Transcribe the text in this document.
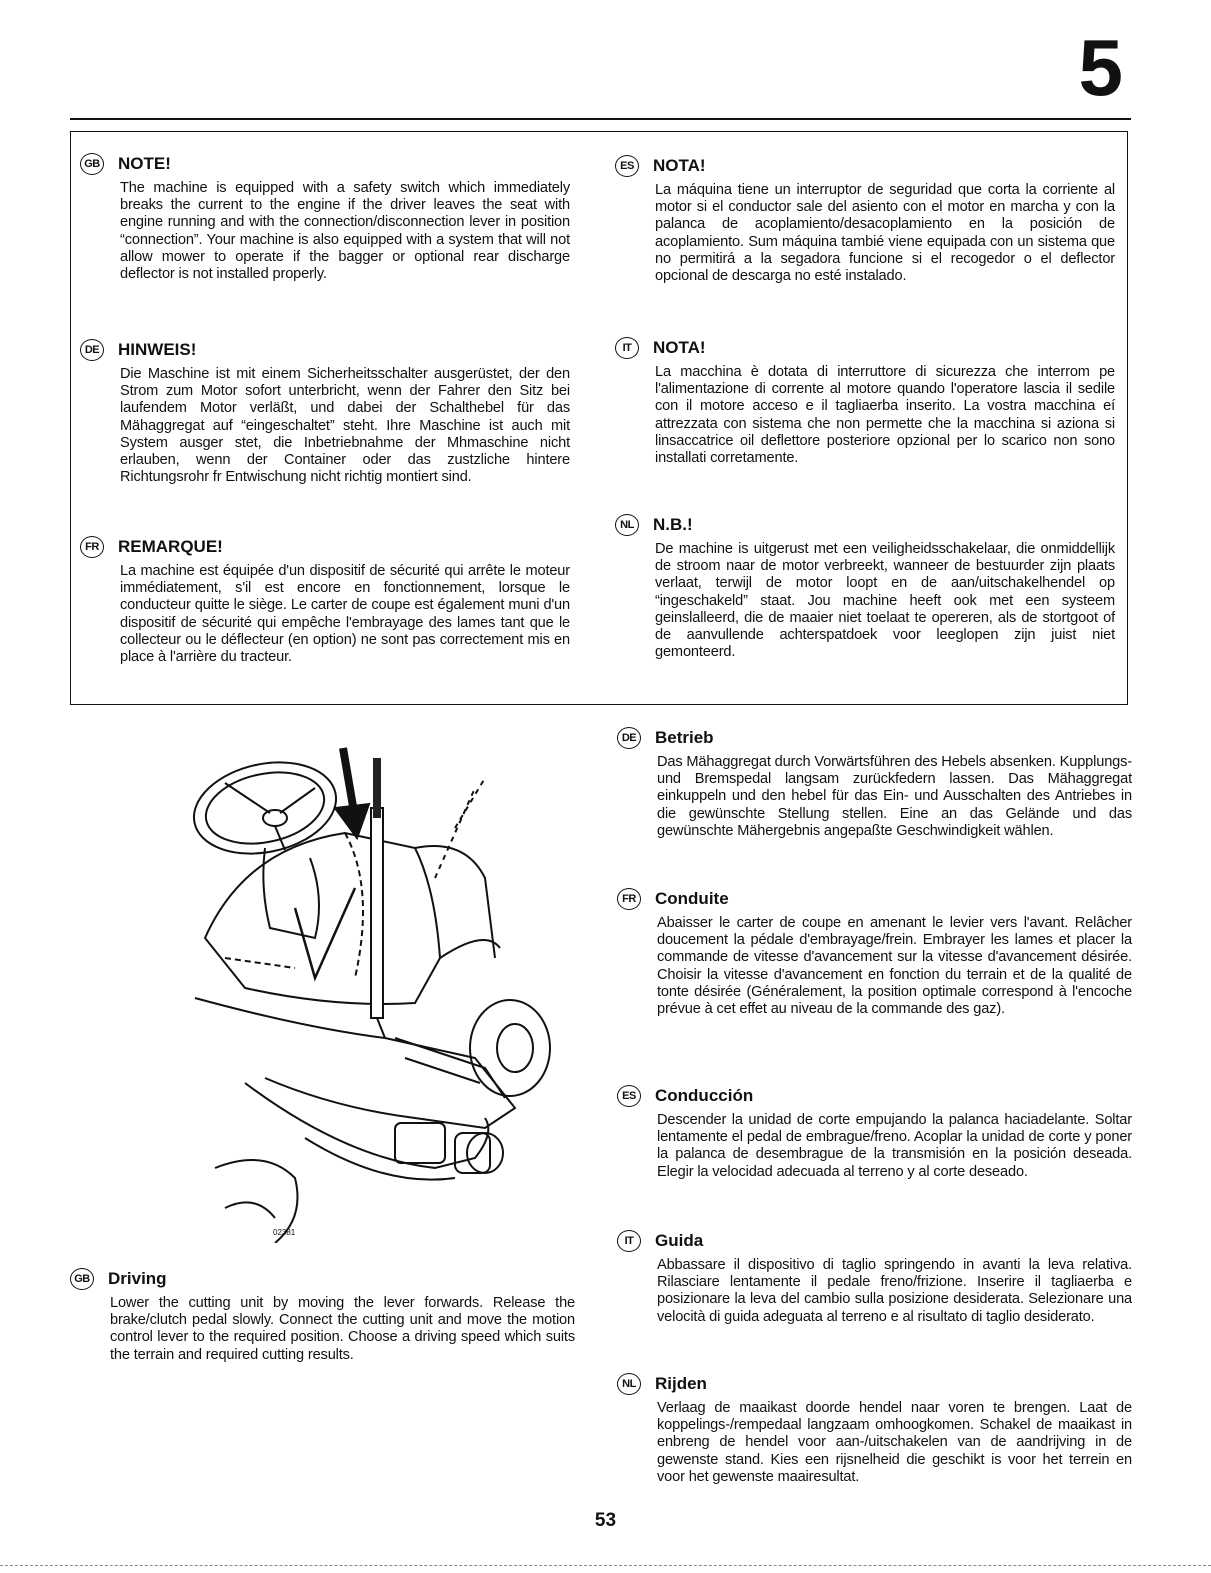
5
GB NOTE!

The machine is equipped with a safety switch which immediately breaks the current to the engine if the driver leaves the seat with engine running and with the connection/disconnection lever in position “connection”. Your machine is also equipped with a system that will not allow mower to operate if the bagger or optional rear discharge deflector is not installed properly.

DE HINWEIS!

Die Maschine ist mit einem Sicherheitsschalter ausgerüstet, der den Strom zum Motor sofort unterbricht, wenn der Fahrer den Sitz bei laufendem Motor verläßt, und dabei der Schalthebel für das Mähaggregat auf “eingeschaltet” steht. Ihre Maschine ist auch mit System ausger stet, die Inbetriebnahme der Mhmaschine nicht erlauben, wenn der Container oder das zustzliche hintere Richtungsrohr fr Entwischung nicht richtig montiert sind.

FR	REMARQUE!

La machine est équipée d'un dispositif de sécurité qui arrête le moteur immédiatement, s'il est encore en fonctionnement, lorsque le conducteur quitte le siège. Le carter de coupe est également muni d'un dispositif de sécurité qui empêche l'embrayage des lames tant que le collecteur ou le déflecteur (en option) ne sont pas correctement mis en place à l'arrière du tracteur.

ES	NOTA!

La máquina tiene un interruptor de seguridad que corta la corriente al motor si el conductor sale del asiento con el motor en marcha y con la palanca de acoplamiento/desacoplamiento en la posición de acoplamiento. Sum máquina tambié viene equipada con un sistema que no permitirá a la segadora funcione si el recogedor o el deflector opcional de descarga no esté instalado.

IT	NOTA!

La macchina è dotata di interruttore di sicurezza che interrom pe l'alimentazione di corrente al motore quando l'operatore lascia il sedile con il motore acceso e il tagliaerba inserito. La vostra macchina eí attrezzata con sistema che non permette che la macchina si aziona si linsaccatrice oil deflettore posteriore opzional per lo scarico non sono installati corretamente.

NL	N.B.!

De machine is uitgerust met een veiligheidsschakelaar, die onmiddellijk de stroom naar de motor verbreekt, wanneer de bestuurder zijn plaats verlaat, terwijl de motor loopt en de aan/uitschakelhendel op “ingeschakeld” staat. Jou machine heeft ook met een systeem geinslalleerd, die de maaier niet toelaat te opereren, als de stortgoot of de aanvullende achterspatdoek voor leeglopen zijn juist niet gemonteerd.

02381
GB Driving

Lower the cutting unit by moving the lever forwards. Release the brake/clutch pedal slowly. Connect the cutting unit and move the motion control lever to the required position. Choose a driving speed which suits the terrain and required cutting results.

DE Betrieb

Das Mähaggregat durch Vorwärtsführen des Hebels absenken. Kupplungs- und Bremspedal langsam zurückfedern lassen. Das Mähaggregat einkuppeln und den hebel für das Ein- und Ausschalten des Antriebes in die gewünschte Stellung stellen. Eine an das Gelände und das gewünschte Mähergebnis angepaßte Geschwindigkeit wählen.

FR	Conduite

Abaisser le carter de coupe en amenant le levier vers l'avant. Relâcher doucement la pédale d'embrayage/frein. Embrayer les lames et placer la commande de vitesse d'avancement sur la vitesse d'avancement désirée. Choisir la vitesse d'avancement en fonction du terrain et de la qualité de tonte désirée (Généralement, la position optimale correspond à l'encoche prévue à cet effet au niveau de la commande des gaz).

ES	Conducción

Descender la unidad de corte empujando la palanca haciadelante. Soltar lentamente el pedal de embrague/freno. Acoplar la unidad de corte y poner la palanca de desembrague de la transmisión en la posición deseada. Elegir la velocidad adecuada al terreno y al corte deseado.

IT	Guida

Abbassare il dispositivo di taglio springendo in avanti la leva relativa. Rilasciare lentamente il pedale freno/frizione. Inserire il tagliaerba e posizionare la leva del cambio sulla posizione desiderata. Selezionare una velocità di guida adeguata al terreno e al risultato di taglio desiderato.

NL	Rijden

Verlaag de maaikast doorde hendel naar voren te brengen. Laat de koppelings-/rempedaal langzaam omhoogkomen. Schakel de maaikast in enbreng de hendel voor aan-/uitschakelen van de aandrijving in de gewenste stand. Kies een rijsnelheid die geschikt is voor het terrein en voor het gewenste maairesultat.

53
